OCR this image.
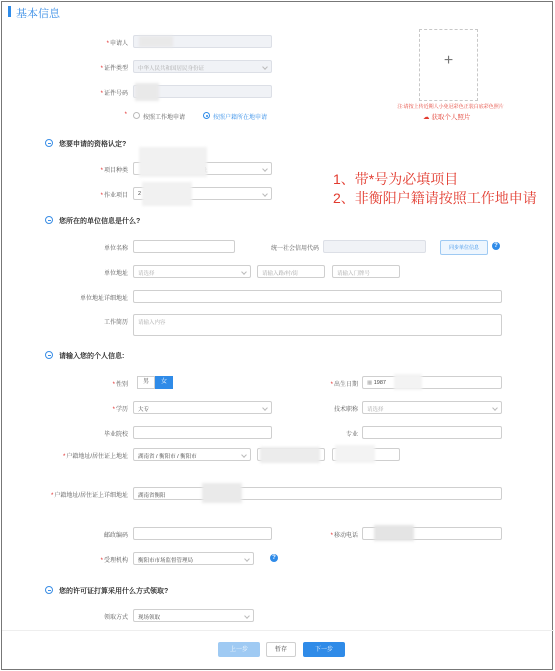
基本信息
*申请人
*证件类型	中华人民共和国居民身份证
*证件号码
*	按照工作地申请	按照户籍所在地申请
+
注:请按上传近期人小免冠彩色正装白底彩色照片
☁ 获取个人照片
您要申请的资格认定?
*项目种类
*作业项目	2
1、带*号为必填项目
2、非衡阳户籍请按照工作地申请
您所在的单位信息是什么?
单位名称	统一社会信用代码	同步单位信息	?
单位地址	请选择	请输入路/村/街	请输入门牌号
单位地址详细地址
工作简历	请输入内容
请输入您的个人信息:
*性别	男	女	*出生日期	▦ 1987
*学历	大专	技术职称	请选择
毕业院校	专业
*户籍地址/居住证上地址	湖南省 / 衡阳市 / 衡阳市
*户籍地址/居住证上详细地址	湖南省衡阳
邮政编码	*移动电话
*受理机构	衡阳市市场监督管理局	?
您的许可证打算采用什么方式领取?
领取方式	现场领取
上一步	暂存	下一步
